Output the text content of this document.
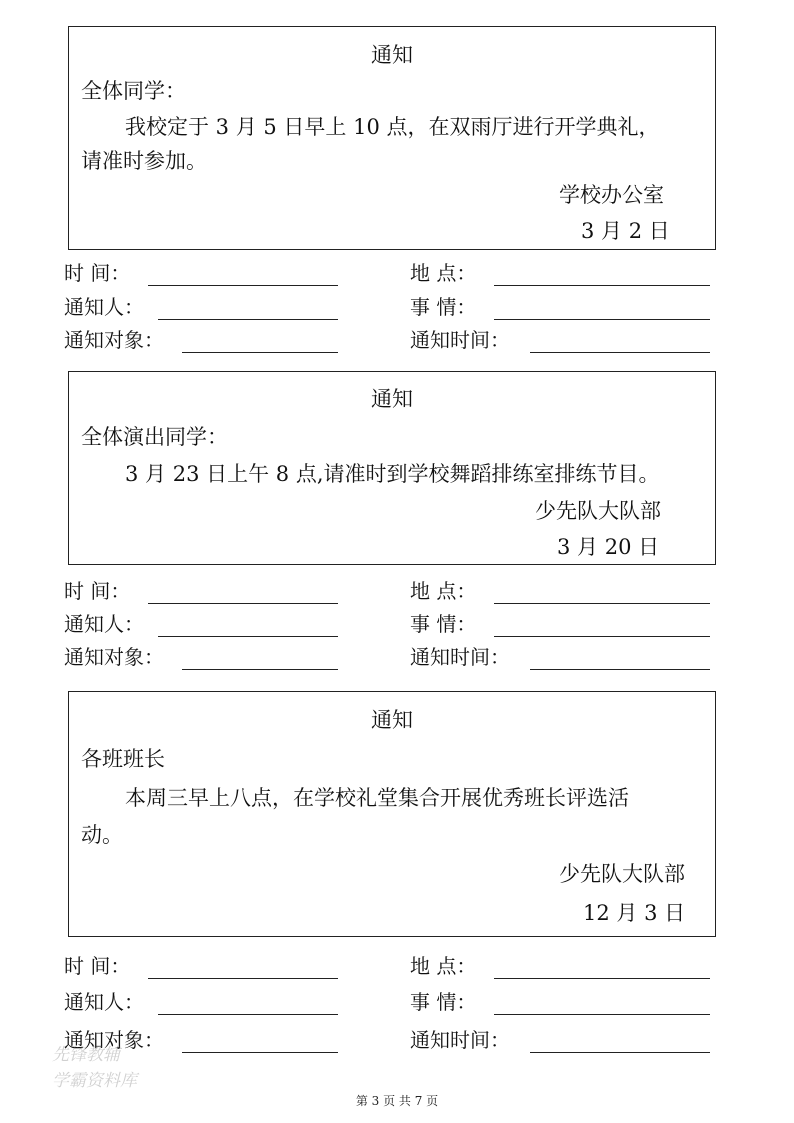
通知
全体同学：
我校定于 3 月 5 日早上 10 点，在双雨厅进行开学典礼，
请准时参加。
学校办公室
3 月 2 日
时 间：	地 点：
通知人：	事 情：
通知对象：	通知时间：
通知
全体演出同学：
3 月 23 日上午 8 点,请准时到学校舞蹈排练室排练节目。
少先队大队部
3 月 20 日
时 间：	地 点：
通知人：	事 情：
通知对象：	通知时间：
通知
各班班长
本周三早上八点，在学校礼堂集合开展优秀班长评选活
动。
少先队大队部
12 月 3 日
时 间：	地 点：
通知人：	事 情：
通知对象：	通知时间：
先锋教辅
学霸资料库
第 3 页 共 7 页
